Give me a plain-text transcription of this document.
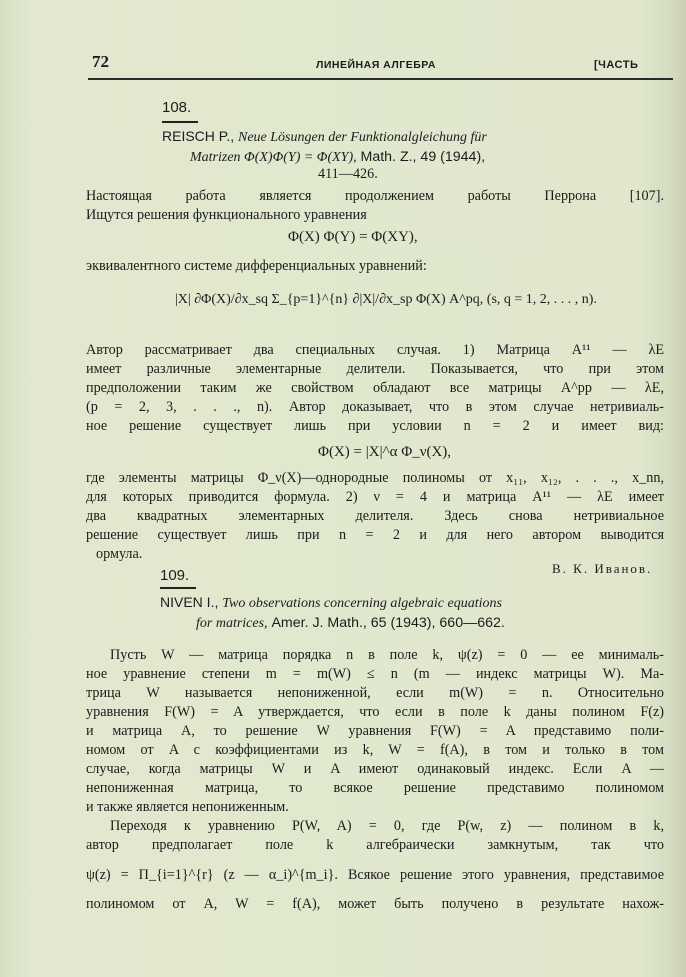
72	ЛИНЕЙНАЯ АЛГЕБРА	[ЧАСТЬ
108.
REISCH P., Neue Lösungen der Funktionalgleichung für
Matrizen Φ(X)Φ(Y) = Φ(XY), Math. Z., 49 (1944),
411—426.
Настоящая работа является продолжением работы Перрона [107].
Ищутся решения функционального уравнения
Φ(X) Φ(Y) = Φ(XY),
эквивалентного системе дифференциальных уравнений:
|X| ∂Φ(X)/∂x_sq Σ_{p=1}^{n} ∂|X|/∂x_sp Φ(X) A^pq, (s, q = 1, 2, . . . , n).
Автор рассматривает два специальных случая. 1) Матрица A¹¹ — λE
имеет различные элементарные делители. Показывается, что при этом
предположении таким же свойством обладают все матрицы A^pp — λE,
(p = 2, 3, . . ., n). Автор доказывает, что в этом случае нетривиаль-
ное решение существует лишь при условии n = 2 и имеет вид:
Φ(X) = |X|^α Φ_ν(X),
где элементы матрицы Φ_ν(X)—однородные полиномы от x₁₁, x₁₂, . . ., x_nn,
для которых приводится формула. 2) ν = 4 и матрица A¹¹ — λE имеет
два квадратных элементарных делителя. Здесь снова нетривиальное
решение существует лишь при n = 2 и для него автором выводится
ормула.
В. К. Иванов.
109.
NIVEN I., Two observations concerning algebraic equations
for matrices, Amer. J. Math., 65 (1943), 660—662.
Пусть W — матрица порядка n в поле k, ψ(z) = 0 — ее минималь-
ное уравнение степени m = m(W) ≤ n (m — индекс матрицы W). Ма-
трица W называется непониженной, если m(W) = n. Относительно
уравнения F(W) = A утверждается, что если в поле k даны полином F(z)
и матрица A, то решение W уравнения F(W) = A представимо поли-
номом от A с коэффициентами из k, W = f(A), в том и только в том
случае, когда матрицы W и A имеют одинаковый индекс. Если A —
непониженная матрица, то всякое решение представимо полиномом
и также является непониженным.
Переходя к уравнению P(W, A) = 0, где P(w, z) — полином в k,
автор предполагает поле k алгебраически замкнутым, так что
ψ(z) = Π_{i=1}^{r} (z — α_i)^{m_i}. Всякое решение этого уравнения, представимое
полиномом от A, W = f(A), может быть получено в результате нахож-
